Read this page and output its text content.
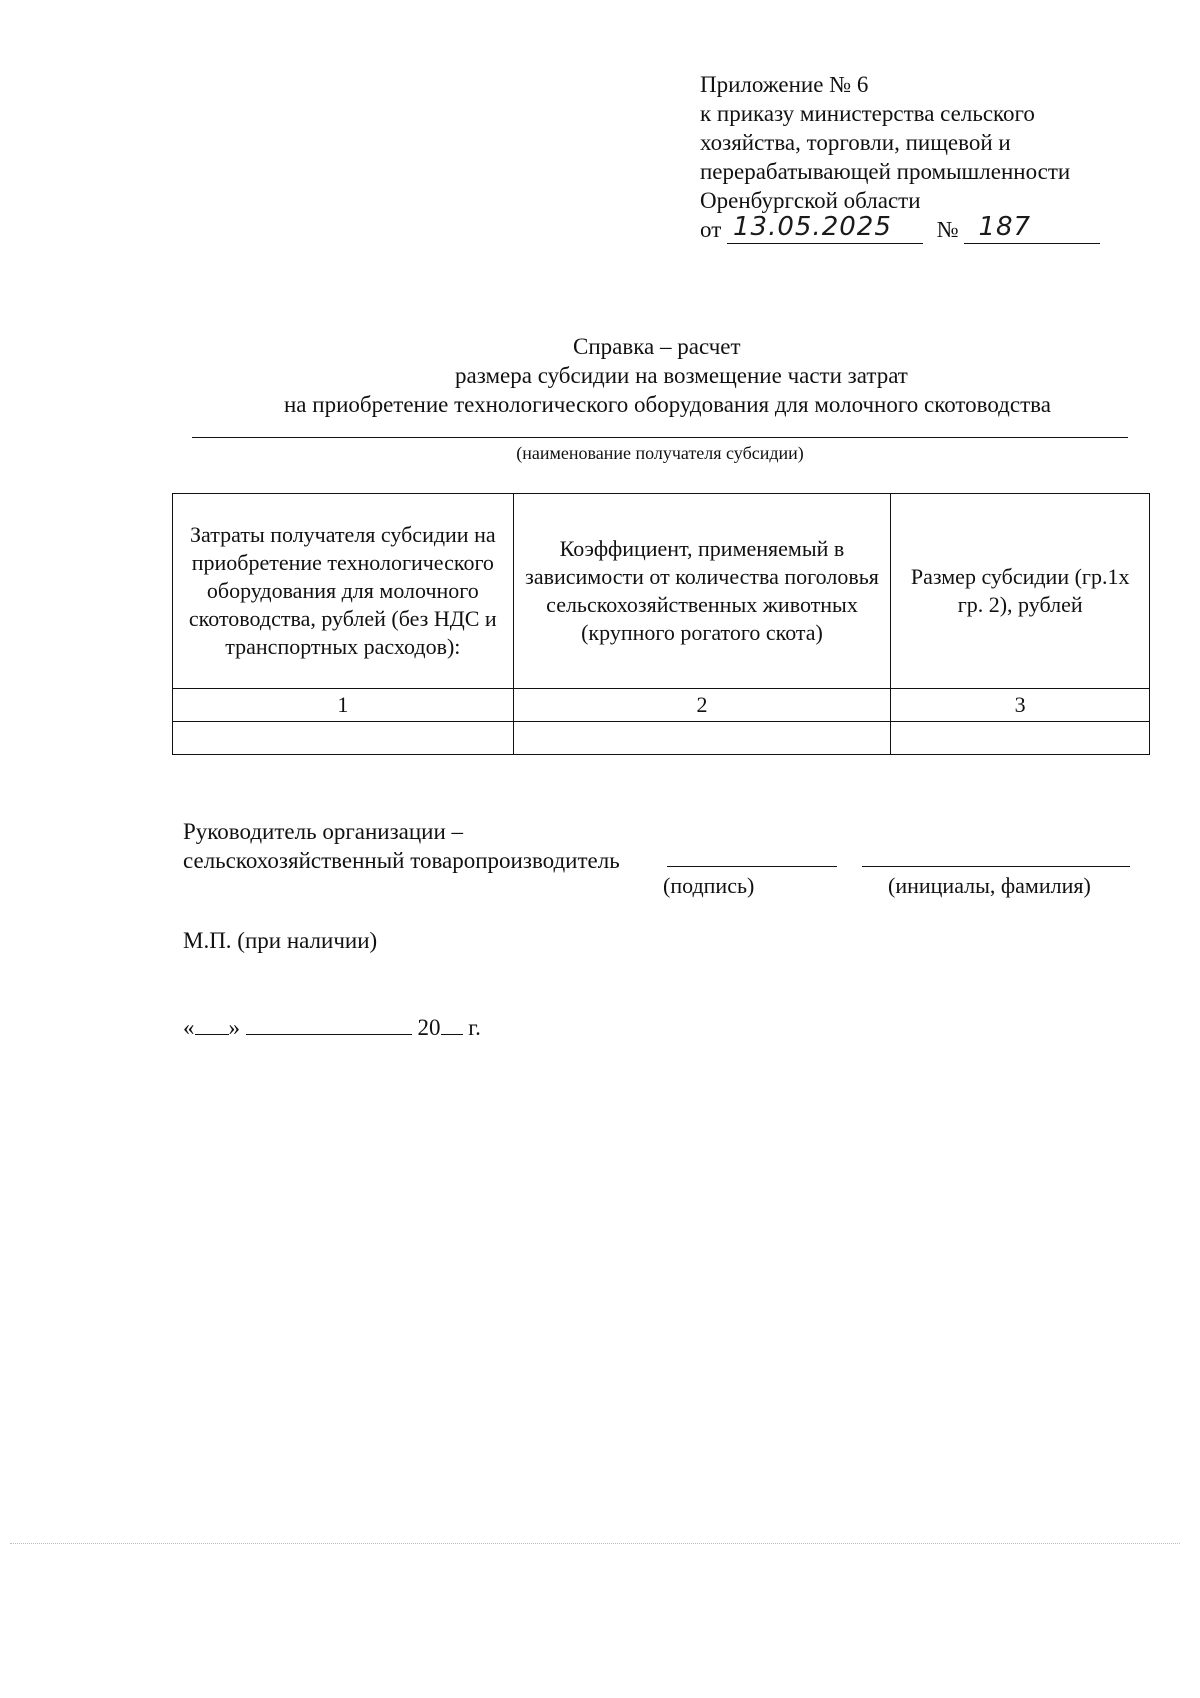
Приложение № 6
к приказу министерства сельского
хозяйства, торговли, пищевой и
перерабатывающей промышленности
Оренбургской области
от 13.05.2025 № 187
Справка – расчет
размера субсидии на возмещение части затрат
на приобретение технологического оборудования для молочного скотоводства
(наименование получателя субсидии)
Затраты получателя субсидии на приобретение технологического оборудования для молочного скотоводства, рублей (без НДС и транспортных расходов):	Коэффициент, применяемый в зависимости от количества поголовья сельскохозяйственных животных (крупного рогатого скота)	Размер субсидии (гр.1х гр. 2), рублей
1	2	3

Руководитель организации –
сельскохозяйственный товаропроизводитель
(подпись)	(инициалы, фамилия)
М.П. (при наличии)
« »	20 г.
